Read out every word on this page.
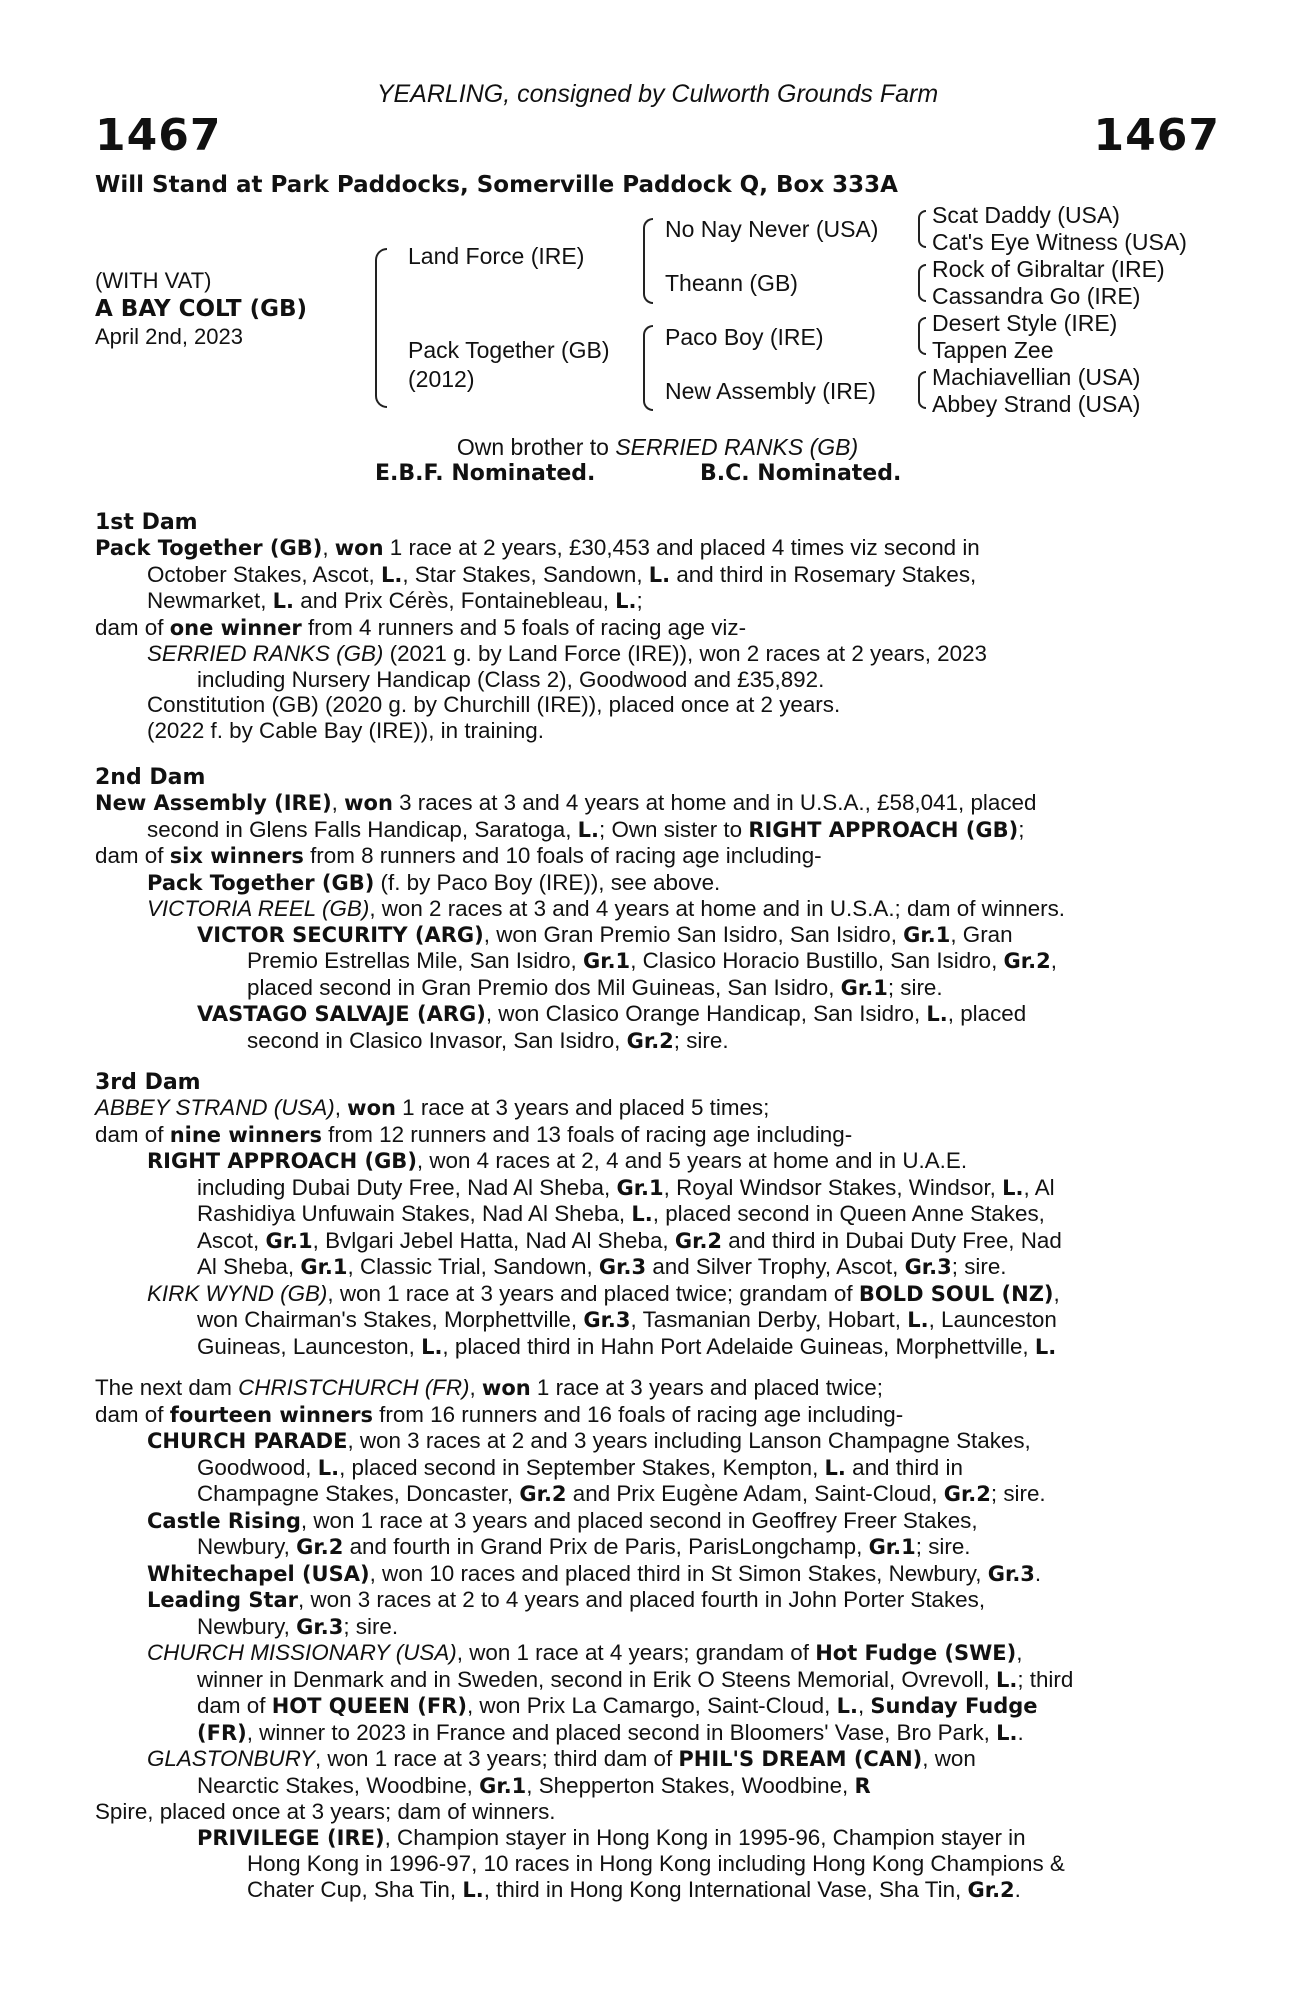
YEARLING, consigned by Culworth Grounds Farm
1467	1467
Will Stand at Park Paddocks, Somerville Paddock Q, Box 333A
(WITH VAT)
A BAY COLT (GB)
April 2nd, 2023
Land Force (IRE)
Pack Together (GB)
(2012)
No Nay Never (USA)
Theann (GB)
Paco Boy (IRE)
New Assembly (IRE)
Scat Daddy (USA)
Cat's Eye Witness (USA)
Rock of Gibraltar (IRE)
Cassandra Go (IRE)
Desert Style (IRE)
Tappen Zee
Machiavellian (USA)
Abbey Strand (USA)
Own brother to SERRIED RANKS (GB)
E.B.F. Nominated.	B.C. Nominated.
1st Dam
Pack Together (GB), won 1 race at 2 years, £30,453 and placed 4 times viz second in
October Stakes, Ascot, L., Star Stakes, Sandown, L. and third in Rosemary Stakes,
Newmarket, L. and Prix Cérès, Fontainebleau, L.;
dam of one winner from 4 runners and 5 foals of racing age viz-
SERRIED RANKS (GB) (2021 g. by Land Force (IRE)), won 2 races at 2 years, 2023
including Nursery Handicap (Class 2), Goodwood and £35,892.
Constitution (GB) (2020 g. by Churchill (IRE)), placed once at 2 years.
(2022 f. by Cable Bay (IRE)), in training.
2nd Dam
New Assembly (IRE), won 3 races at 3 and 4 years at home and in U.S.A., £58,041, placed
second in Glens Falls Handicap, Saratoga, L.; Own sister to RIGHT APPROACH (GB);
dam of six winners from 8 runners and 10 foals of racing age including-
Pack Together (GB) (f. by Paco Boy (IRE)), see above.
VICTORIA REEL (GB), won 2 races at 3 and 4 years at home and in U.S.A.; dam of winners.
VICTOR SECURITY (ARG), won Gran Premio San Isidro, San Isidro, Gr.1, Gran
Premio Estrellas Mile, San Isidro, Gr.1, Clasico Horacio Bustillo, San Isidro, Gr.2,
placed second in Gran Premio dos Mil Guineas, San Isidro, Gr.1; sire.
VASTAGO SALVAJE (ARG), won Clasico Orange Handicap, San Isidro, L., placed
second in Clasico Invasor, San Isidro, Gr.2; sire.
3rd Dam
ABBEY STRAND (USA), won 1 race at 3 years and placed 5 times;
dam of nine winners from 12 runners and 13 foals of racing age including-
RIGHT APPROACH (GB), won 4 races at 2, 4 and 5 years at home and in U.A.E.
including Dubai Duty Free, Nad Al Sheba, Gr.1, Royal Windsor Stakes, Windsor, L., Al
Rashidiya Unfuwain Stakes, Nad Al Sheba, L., placed second in Queen Anne Stakes,
Ascot, Gr.1, Bvlgari Jebel Hatta, Nad Al Sheba, Gr.2 and third in Dubai Duty Free, Nad
Al Sheba, Gr.1, Classic Trial, Sandown, Gr.3 and Silver Trophy, Ascot, Gr.3; sire.
KIRK WYND (GB), won 1 race at 3 years and placed twice; grandam of BOLD SOUL (NZ),
won Chairman's Stakes, Morphettville, Gr.3, Tasmanian Derby, Hobart, L., Launceston
Guineas, Launceston, L., placed third in Hahn Port Adelaide Guineas, Morphettville, L.
The next dam CHRISTCHURCH (FR), won 1 race at 3 years and placed twice;
dam of fourteen winners from 16 runners and 16 foals of racing age including-
CHURCH PARADE, won 3 races at 2 and 3 years including Lanson Champagne Stakes,
Goodwood, L., placed second in September Stakes, Kempton, L. and third in
Champagne Stakes, Doncaster, Gr.2 and Prix Eugène Adam, Saint-Cloud, Gr.2; sire.
Castle Rising, won 1 race at 3 years and placed second in Geoffrey Freer Stakes,
Newbury, Gr.2 and fourth in Grand Prix de Paris, ParisLongchamp, Gr.1; sire.
Whitechapel (USA), won 10 races and placed third in St Simon Stakes, Newbury, Gr.3.
Leading Star, won 3 races at 2 to 4 years and placed fourth in John Porter Stakes,
Newbury, Gr.3; sire.
CHURCH MISSIONARY (USA), won 1 race at 4 years; grandam of Hot Fudge (SWE),
winner in Denmark and in Sweden, second in Erik O Steens Memorial, Ovrevoll, L.; third
dam of HOT QUEEN (FR), won Prix La Camargo, Saint-Cloud, L., Sunday Fudge
(FR), winner to 2023 in France and placed second in Bloomers' Vase, Bro Park, L..
GLASTONBURY, won 1 race at 3 years; third dam of PHIL'S DREAM (CAN), won
Nearctic Stakes, Woodbine, Gr.1, Shepperton Stakes, Woodbine, R
Spire, placed once at 3 years; dam of winners.
PRIVILEGE (IRE), Champion stayer in Hong Kong in 1995-96, Champion stayer in
Hong Kong in 1996-97, 10 races in Hong Kong including Hong Kong Champions &
Chater Cup, Sha Tin, L., third in Hong Kong International Vase, Sha Tin, Gr.2.
